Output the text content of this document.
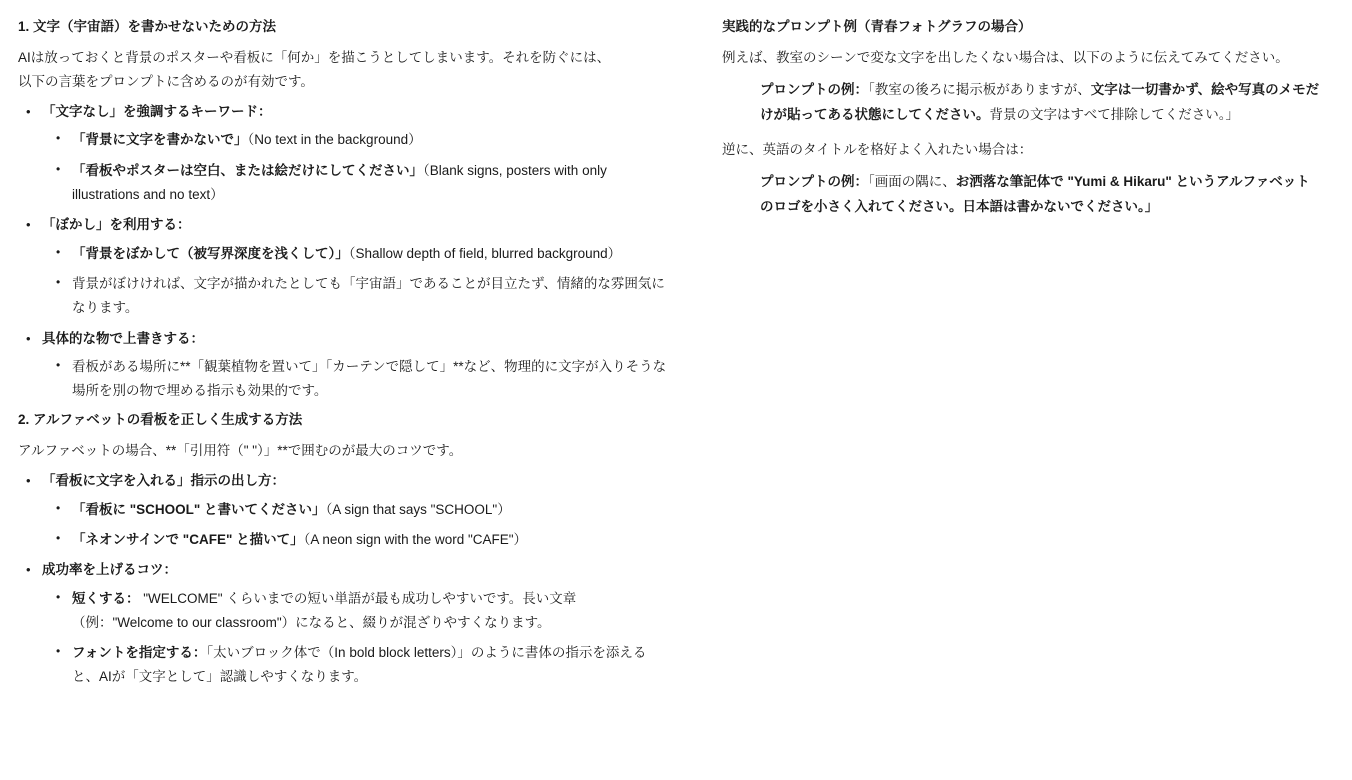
1. 文字（宇宙語）を書かせないための方法

AIは放っておくと背景のポスターや看板に「何か」を描こうとしてしまいます。それを防ぐには、
以下の言葉をプロンプトに含めるのが有効です。

• 「文字なし」を強調するキーワード：
• 「背景に文字を書かないで」（No text in the background）
• 「看板やポスターは空白、または絵だけにしてください」（Blank signs, posters with only illustrations and no text）
• 「ぼかし」を利用する：
• 「背景をぼかして（被写界深度を浅くして）」（Shallow depth of field, blurred background）
• 背景がぼけければ、文字が描かれたとしても「宇宙語」であることが目立たず、情緒的な雰囲気になります。
• 具体的な物で上書きする：
• 看板がある場所に**「観葉植物を置いて」「カーテンで隠して」**など、物理的に文字が入りそうな場所を別の物で埋める指示も効果的です。
2. アルファベットの看板を正しく生成する方法

アルファベットの場合、**「引用符（" "）」**で囲むのが最大のコツです。

• 「看板に文字を入れる」指示の出し方：
• 「看板に "SCHOOL" と書いてください」（A sign that says "SCHOOL"）
• 「ネオンサインで "CAFE" と描いて」（A neon sign with the word "CAFE"）
• 成功率を上げるコツ：
• 短くする： "WELCOME" くらいまでの短い単語が最も成功しやすいです。長い文章（例："Welcome to our classroom"）になると、綴りが混ざりやすくなります。
• フォントを指定する：「太いブロック体で（In bold block letters）」のように書体の指示を添えると、AIが「文字として」認識しやすくなります。
実践的なプロンプト例（青春フォトグラフの場合）

例えば、教室のシーンで変な文字を出したくない場合は、以下のように伝えてみてください。

プロンプトの例：「教室の後ろに掲示板がありますが、文字は一切書かず、絵や写真のメモだけが貼ってある状態にしてください。背景の文字はすべて排除してください。」

逆に、英語のタイトルを格好よく入れたい場合は：

プロンプトの例：「画面の隅に、お洒落な筆記体で "Yumi & Hikaru" というアルファベットのロゴを小さく入れてください。日本語は書かないでください。」
